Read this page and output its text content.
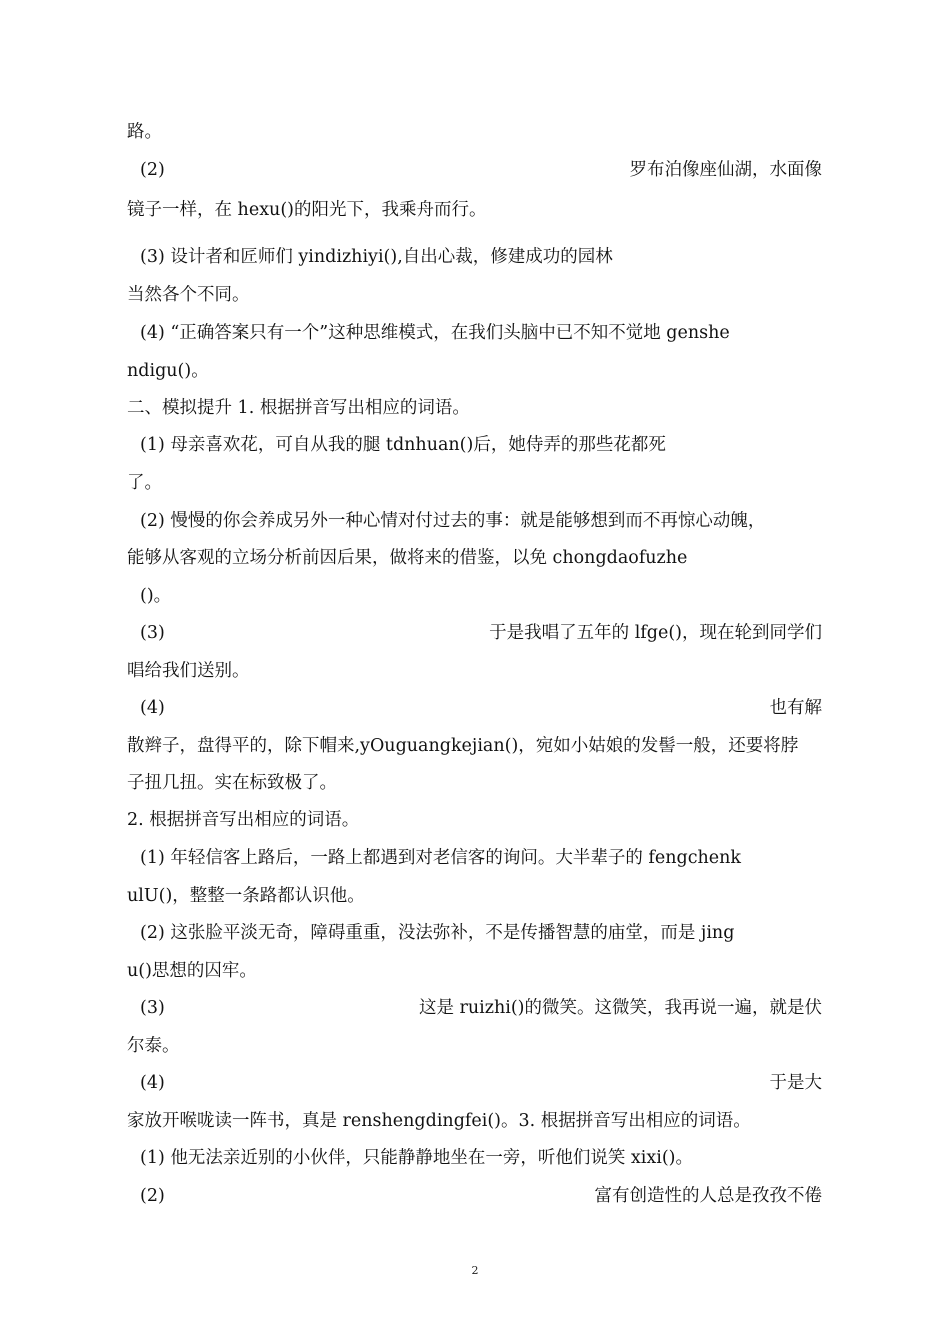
路。
(2)	罗布泊像座仙湖，水面像
镜子一样，在 hexu()的阳光下，我乘舟而行。
(3) 设计者和匠师们 yindizhiyi(),自出心裁，修建成功的园林
当然各个不同。
(4) “正确答案只有一个”这种思维模式，在我们头脑中已不知不觉地 genshe
ndigu()。
二、模拟提升 1. 根据拼音写出相应的词语。
(1) 母亲喜欢花，可自从我的腿 tdnhuan()后，她侍弄的那些花都死
了。
(2) 慢慢的你会养成另外一种心情对付过去的事：就是能够想到而不再惊心动魄，
能够从客观的立场分析前因后果，做将来的借鉴，以免 chongdaofuzhe
()。
(3)	于是我唱了五年的 lfge()，现在轮到同学们
唱给我们送别。
(4)	也有解
散辫子，盘得平的，除下帽来,yOuguangkejian()，宛如小姑娘的发髻一般，还要将脖
子扭几扭。实在标致极了。
2. 根据拼音写出相应的词语。
(1) 年轻信客上路后，一路上都遇到对老信客的询问。大半辈子的 fengchenk
ulU()，整整一条路都认识他。
(2) 这张脸平淡无奇，障碍重重，没法弥补，不是传播智慧的庙堂，而是 jing
u()思想的囚牢。
(3)	这是 ruizhi()的微笑。这微笑，我再说一遍，就是伏
尔泰。
(4)	于是大
家放开喉咙读一阵书，真是 renshengdingfei()。3. 根据拼音写出相应的词语。
(1) 他无法亲近别的小伙伴，只能静静地坐在一旁，听他们说笑 xixi()。
(2)	富有创造性的人总是孜孜不倦
2
